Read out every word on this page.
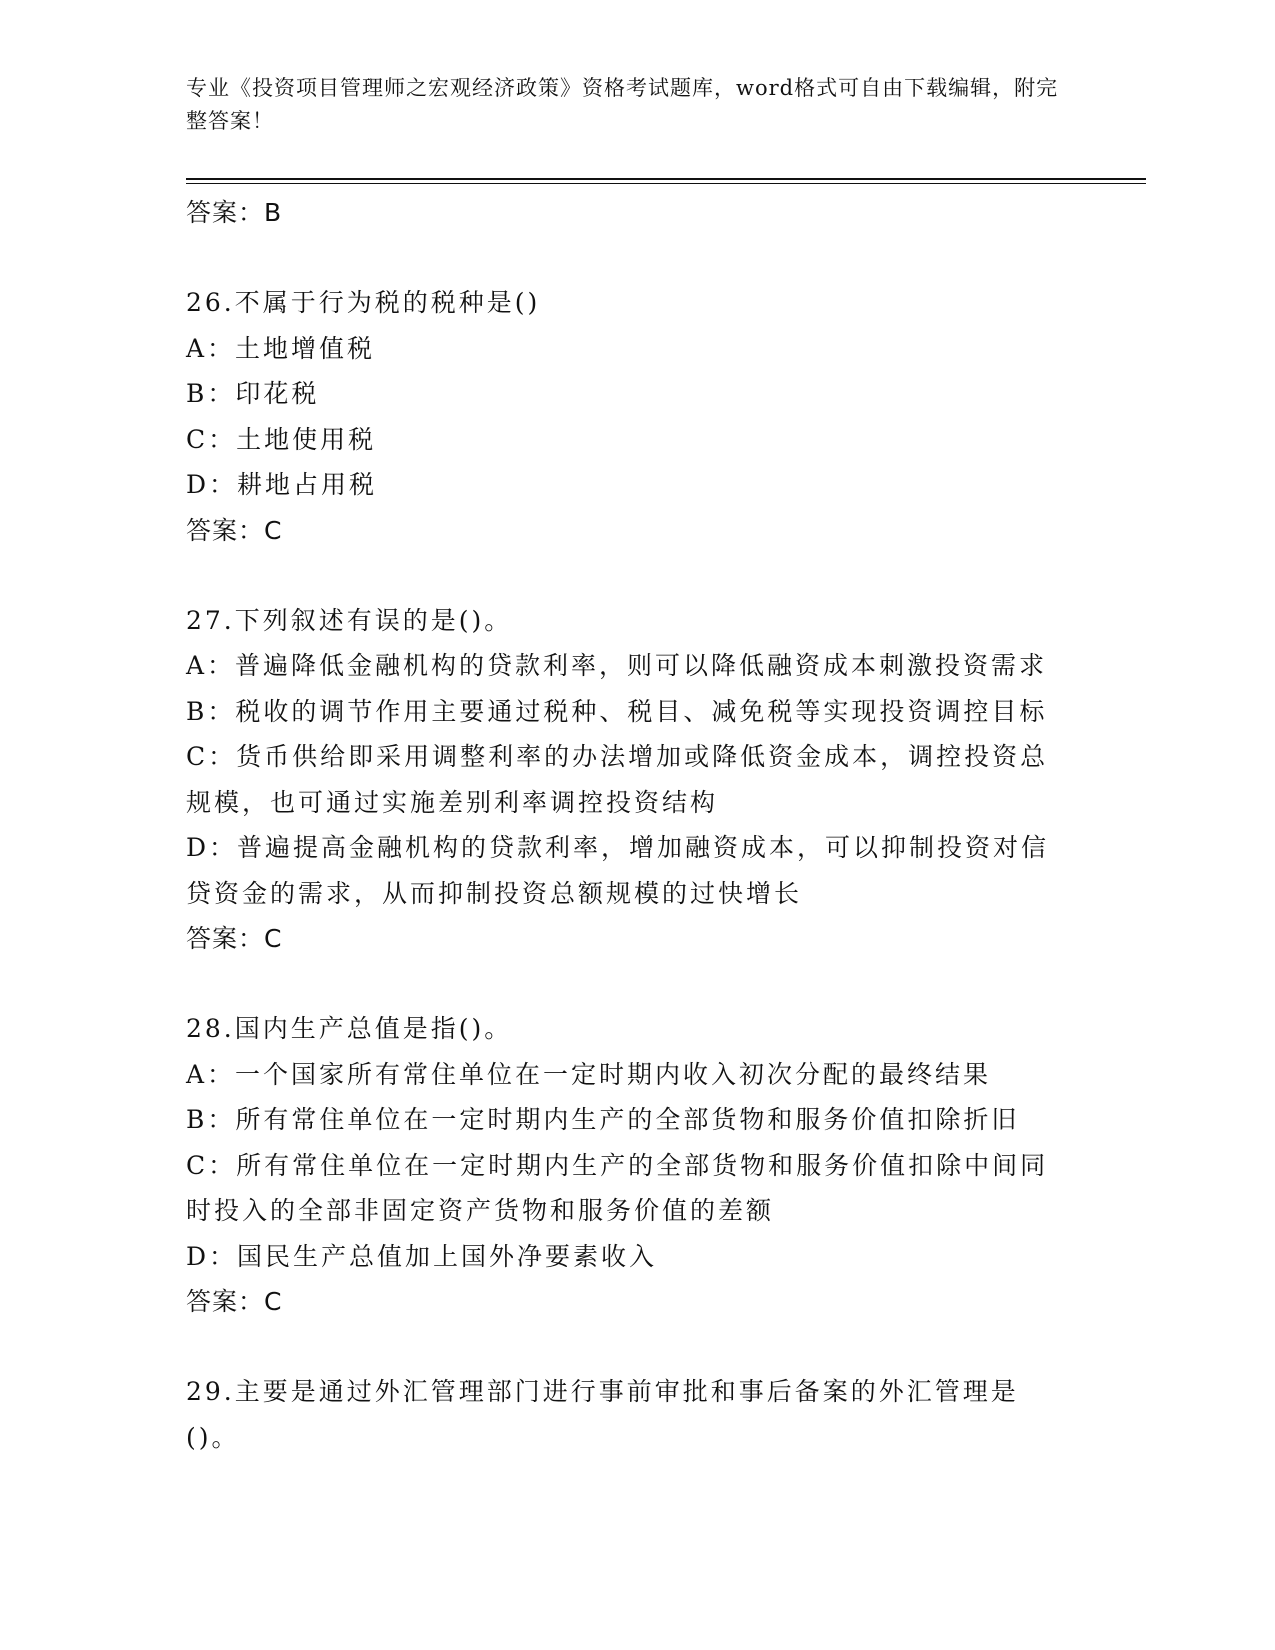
专业《投资项目管理师之宏观经济政策》资格考试题库，word格式可自由下载编辑，附完整答案！
答案：B
26.不属于行为税的税种是()
A：土地增值税
B：印花税
C：土地使用税
D：耕地占用税
答案：C
27.下列叙述有误的是()。
A：普遍降低金融机构的贷款利率，则可以降低融资成本刺激投资需求
B：税收的调节作用主要通过税种、税目、减免税等实现投资调控目标
C：货币供给即采用调整利率的办法增加或降低资金成本，调控投资总规模，也可通过实施差别利率调控投资结构
D：普遍提高金融机构的贷款利率，增加融资成本，可以抑制投资对信贷资金的需求，从而抑制投资总额规模的过快增长
答案：C
28.国内生产总值是指()。
A：一个国家所有常住单位在一定时期内收入初次分配的最终结果
B：所有常住单位在一定时期内生产的全部货物和服务价值扣除折旧
C：所有常住单位在一定时期内生产的全部货物和服务价值扣除中间同时投入的全部非固定资产货物和服务价值的差额
D：国民生产总值加上国外净要素收入
答案：C
29.主要是通过外汇管理部门进行事前审批和事后备案的外汇管理是()。
